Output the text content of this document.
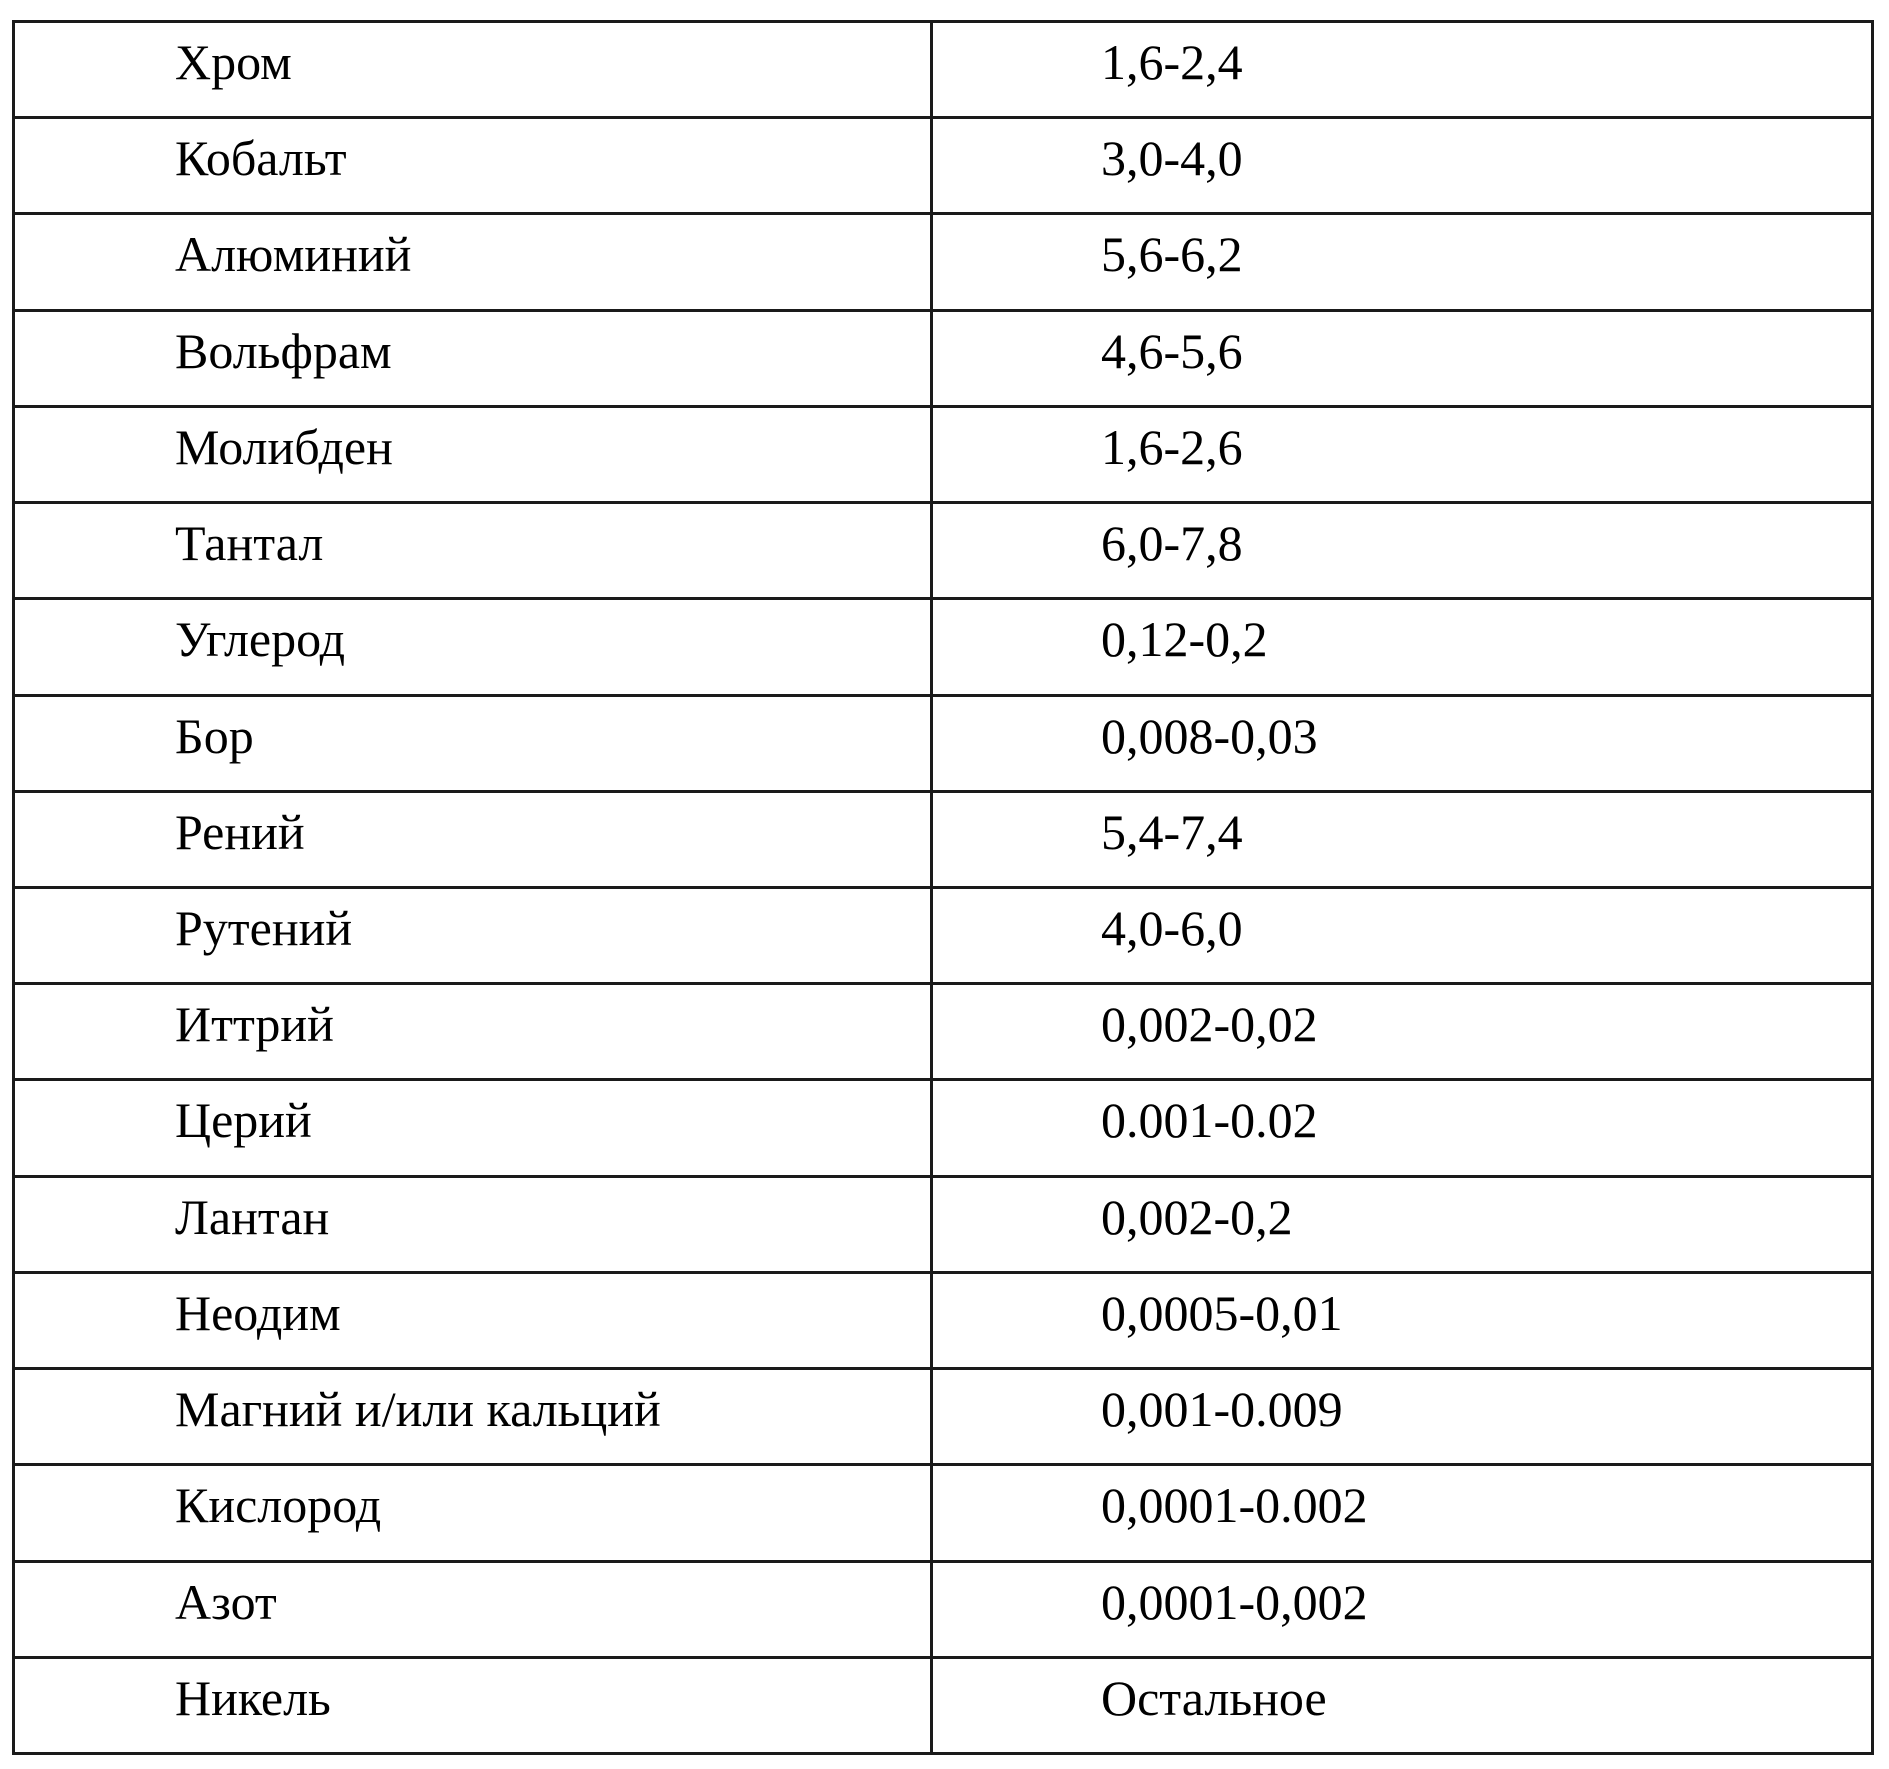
Хром	1,6-2,4
Кобальт	3,0-4,0
Алюминий	5,6-6,2
Вольфрам	4,6-5,6
Молибден	1,6-2,6
Тантал	6,0-7,8
Углерод	0,12-0,2
Бор	0,008-0,03
Рений	5,4-7,4
Рутений	4,0-6,0
Иттрий	0,002-0,02
Церий	0.001-0.02
Лантан	0,002-0,2
Неодим	0,0005-0,01
Магний и/или кальций	0,001-0.009
Кислород	0,0001-0.002
Азот	0,0001-0,002
Никель	Остальное
